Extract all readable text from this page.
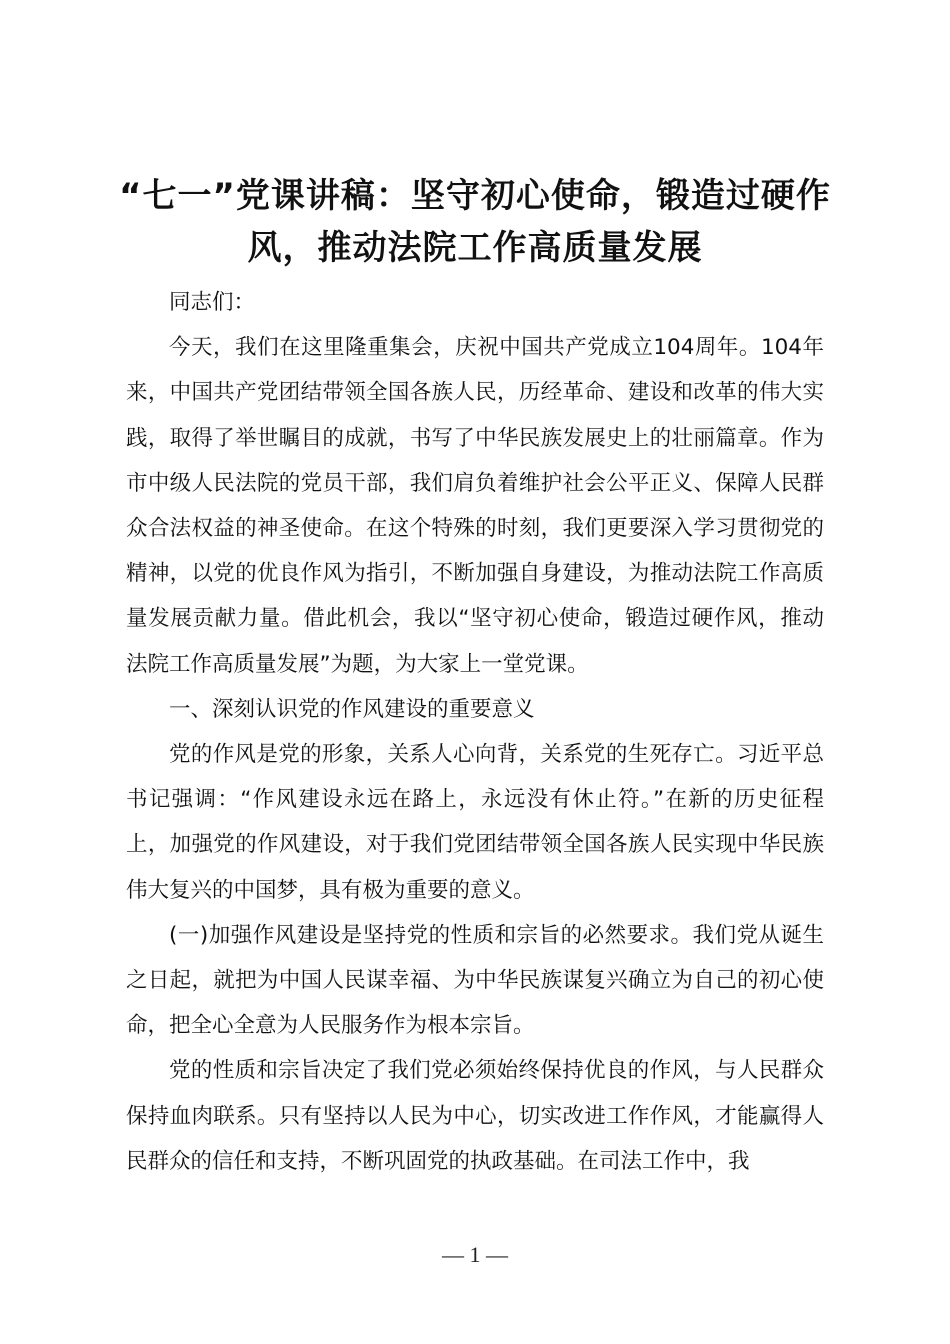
“七一”党课讲稿：坚守初心使命，锻造过硬作风，推动法院工作高质量发展

同志们：

今天，我们在这里隆重集会，庆祝中国共产党成立104周年。104年来，中国共产党团结带领全国各族人民，历经革命、建设和改革的伟大实践，取得了举世瞩目的成就，书写了中华民族发展史上的壮丽篇章。作为市中级人民法院的党员干部，我们肩负着维护社会公平正义、保障人民群众合法权益的神圣使命。在这个特殊的时刻，我们更要深入学习贯彻党的精神，以党的优良作风为指引，不断加强自身建设，为推动法院工作高质量发展贡献力量。借此机会，我以“坚守初心使命，锻造过硬作风，推动法院工作高质量发展”为题，为大家上一堂党课。

一、深刻认识党的作风建设的重要意义

党的作风是党的形象，关系人心向背，关系党的生死存亡。习近平总书记强调：“作风建设永远在路上，永远没有休止符。”在新的历史征程上，加强党的作风建设，对于我们党团结带领全国各族人民实现中华民族伟大复兴的中国梦，具有极为重要的意义。

(一)加强作风建设是坚持党的性质和宗旨的必然要求。我们党从诞生之日起，就把为中国人民谋幸福、为中华民族谋复兴确立为自己的初心使命，把全心全意为人民服务作为根本宗旨。

党的性质和宗旨决定了我们党必须始终保持优良的作风，与人民群众保持血肉联系。只有坚持以人民为中心，切实改进工作作风，才能赢得人民群众的信任和支持，不断巩固党的执政基础。在司法工作中，我

— 1 —
